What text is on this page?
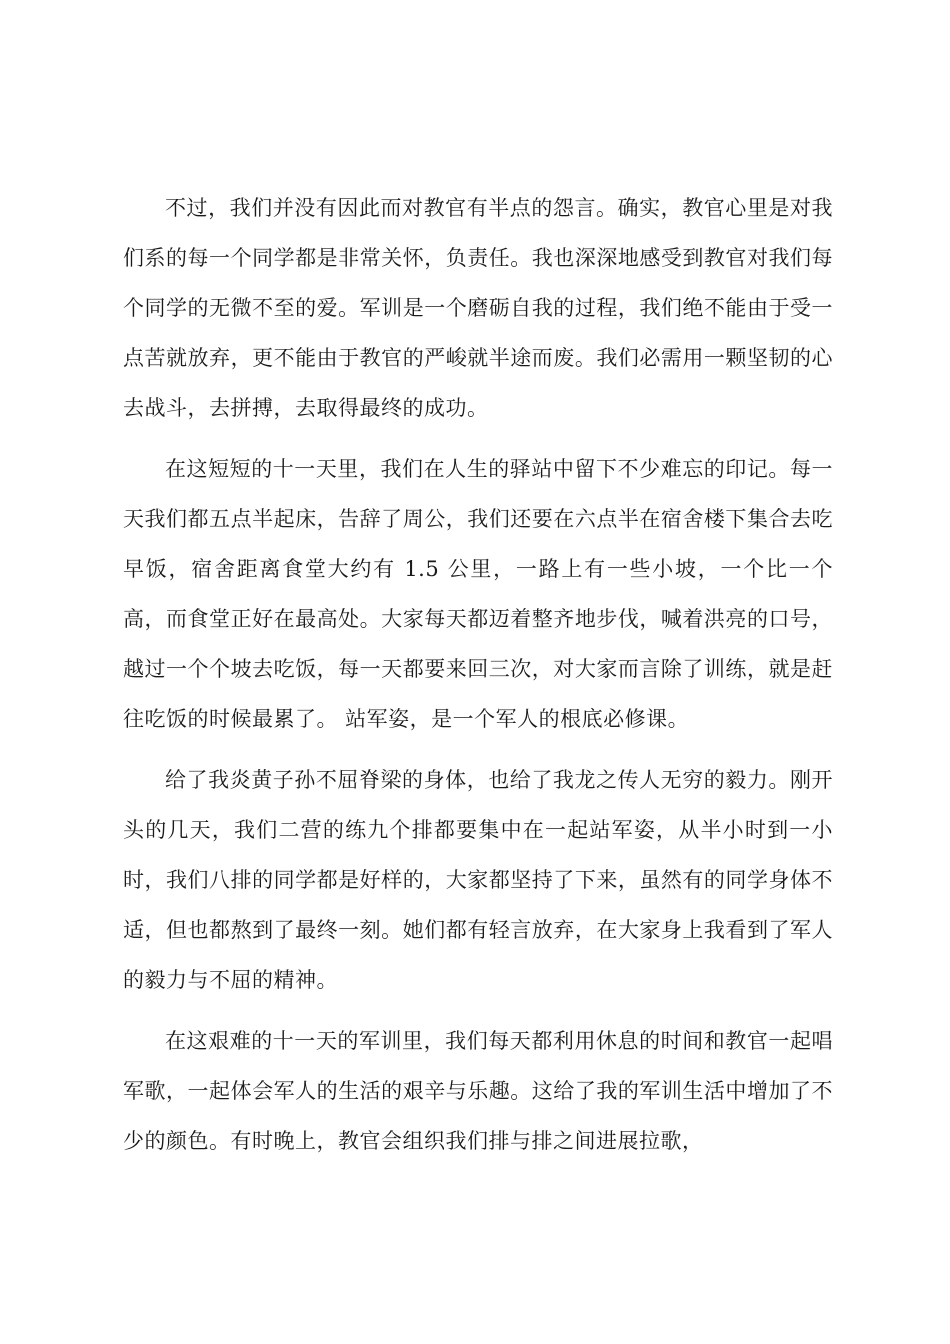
不过，我们并没有因此而对教官有半点的怨言。确实，教官心里是对我们系的每一个同学都是非常关怀，负责任。我也深深地感受到教官对我们每个同学的无微不至的爱。军训是一个磨砺自我的过程，我们绝不能由于受一点苦就放弃，更不能由于教官的严峻就半途而废。我们必需用一颗坚韧的心去战斗，去拼搏，去取得最终的成功。

在这短短的十一天里，我们在人生的驿站中留下不少难忘的印记。每一天我们都五点半起床，告辞了周公，我们还要在六点半在宿舍楼下集合去吃早饭，宿舍距离食堂大约有 1.5 公里，一路上有一些小坡，一个比一个高，而食堂正好在最高处。大家每天都迈着整齐地步伐，喊着洪亮的口号，越过一个个坡去吃饭，每一天都要来回三次，对大家而言除了训练，就是赶往吃饭的时候最累了。 站军姿，是一个军人的根底必修课。

给了我炎黄子孙不屈脊梁的身体，也给了我龙之传人无穷的毅力。刚开头的几天，我们二营的练九个排都要集中在一起站军姿，从半小时到一小时，我们八排的同学都是好样的，大家都坚持了下来，虽然有的同学身体不适，但也都熬到了最终一刻。她们都有轻言放弃，在大家身上我看到了军人的毅力与不屈的精神。

在这艰难的十一天的军训里，我们每天都利用休息的时间和教官一起唱军歌，一起体会军人的生活的艰辛与乐趣。这给了我的军训生活中增加了不少的颜色。有时晚上，教官会组织我们排与排之间进展拉歌，
